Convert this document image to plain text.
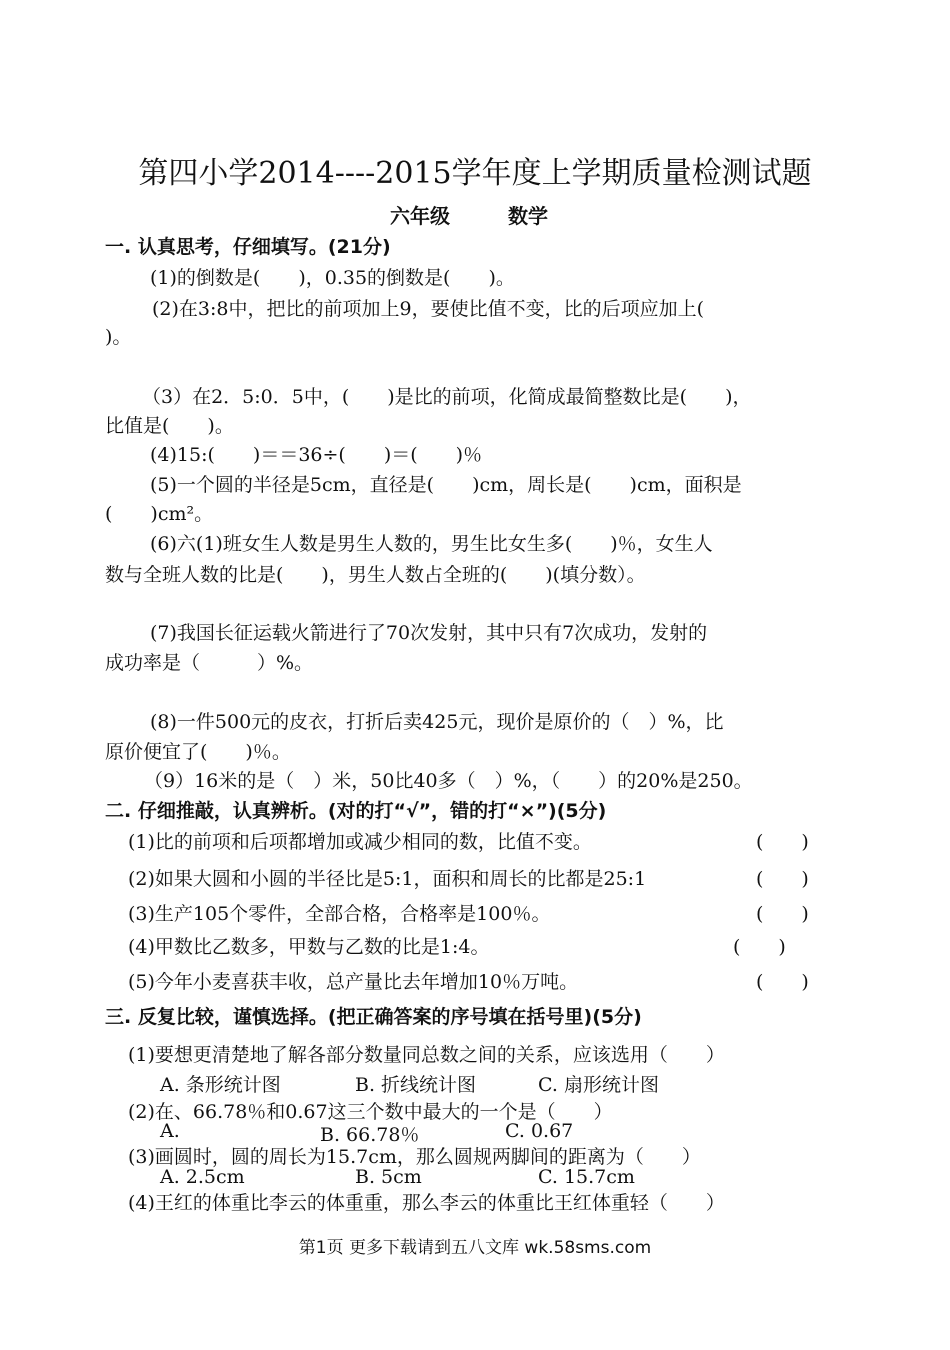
第四小学2014----2015学年度上学期质量检测试题
六年级	数学
一. 认真思考，仔细填写。(21分)
(1)的倒数是(　　)，0.35的倒数是(　　)。
(2)在3:8中，把比的前项加上9，要使比值不变，比的后项应加上(
)。
（3）在2．5:0．5中，(　　)是比的前项，化简成最简整数比是(　　)，
比值是(　　)。
(4)15:(　　)＝＝36÷(　　)＝(　　)％
(5)一个圆的半径是5cm，直径是(　　)cm，周长是(　　)cm，面积是
(　　)cm²。
(6)六(1)班女生人数是男生人数的，男生比女生多(　　)％，女生人
数与全班人数的比是(　　)，男生人数占全班的(　　)(填分数）。
(7)我国长征运载火箭进行了70次发射，其中只有7次成功，发射的
成功率是（　　　）%。
(8)一件500元的皮衣，打折后卖425元，现价是原价的（　）%，比
原价便宜了(　　)％。
（9）16米的是（　）米，50比40多（　）%，（　　）的20%是250。
二. 仔细推敲，认真辨析。(对的打“√”，错的打“×”)(5分)
(1)比的前项和后项都增加或减少相同的数，比值不变。	(　　)
(2)如果大圆和小圆的半径比是5:1，面积和周长的比都是25:1	(　　)
(3)生产105个零件，全部合格，合格率是100％。	(　　)
(4)甲数比乙数多，甲数与乙数的比是1:4。	(　　)
(5)今年小麦喜获丰收，总产量比去年增加10％万吨。	(　　)
三. 反复比较，谨慎选择。(把正确答案的序号填在括号里)(5分)
(1)要想更清楚地了解各部分数量同总数之间的关系，应该选用（　　）
A. 条形统计图	B. 折线统计图	C. 扇形统计图
(2)在、66.78％和0.67这三个数中最大的一个是（　　）
A.	B. 66.78％	C. 0.67
(3)画圆时，圆的周长为15.7cm，那么圆规两脚间的距离为（　　）
A. 2.5cm	B. 5cm	C. 15.7cm
(4)王红的体重比李云的体重重，那么李云的体重比王红体重轻（　　）
第1页 更多下载请到五八文库 wk.58sms.com
